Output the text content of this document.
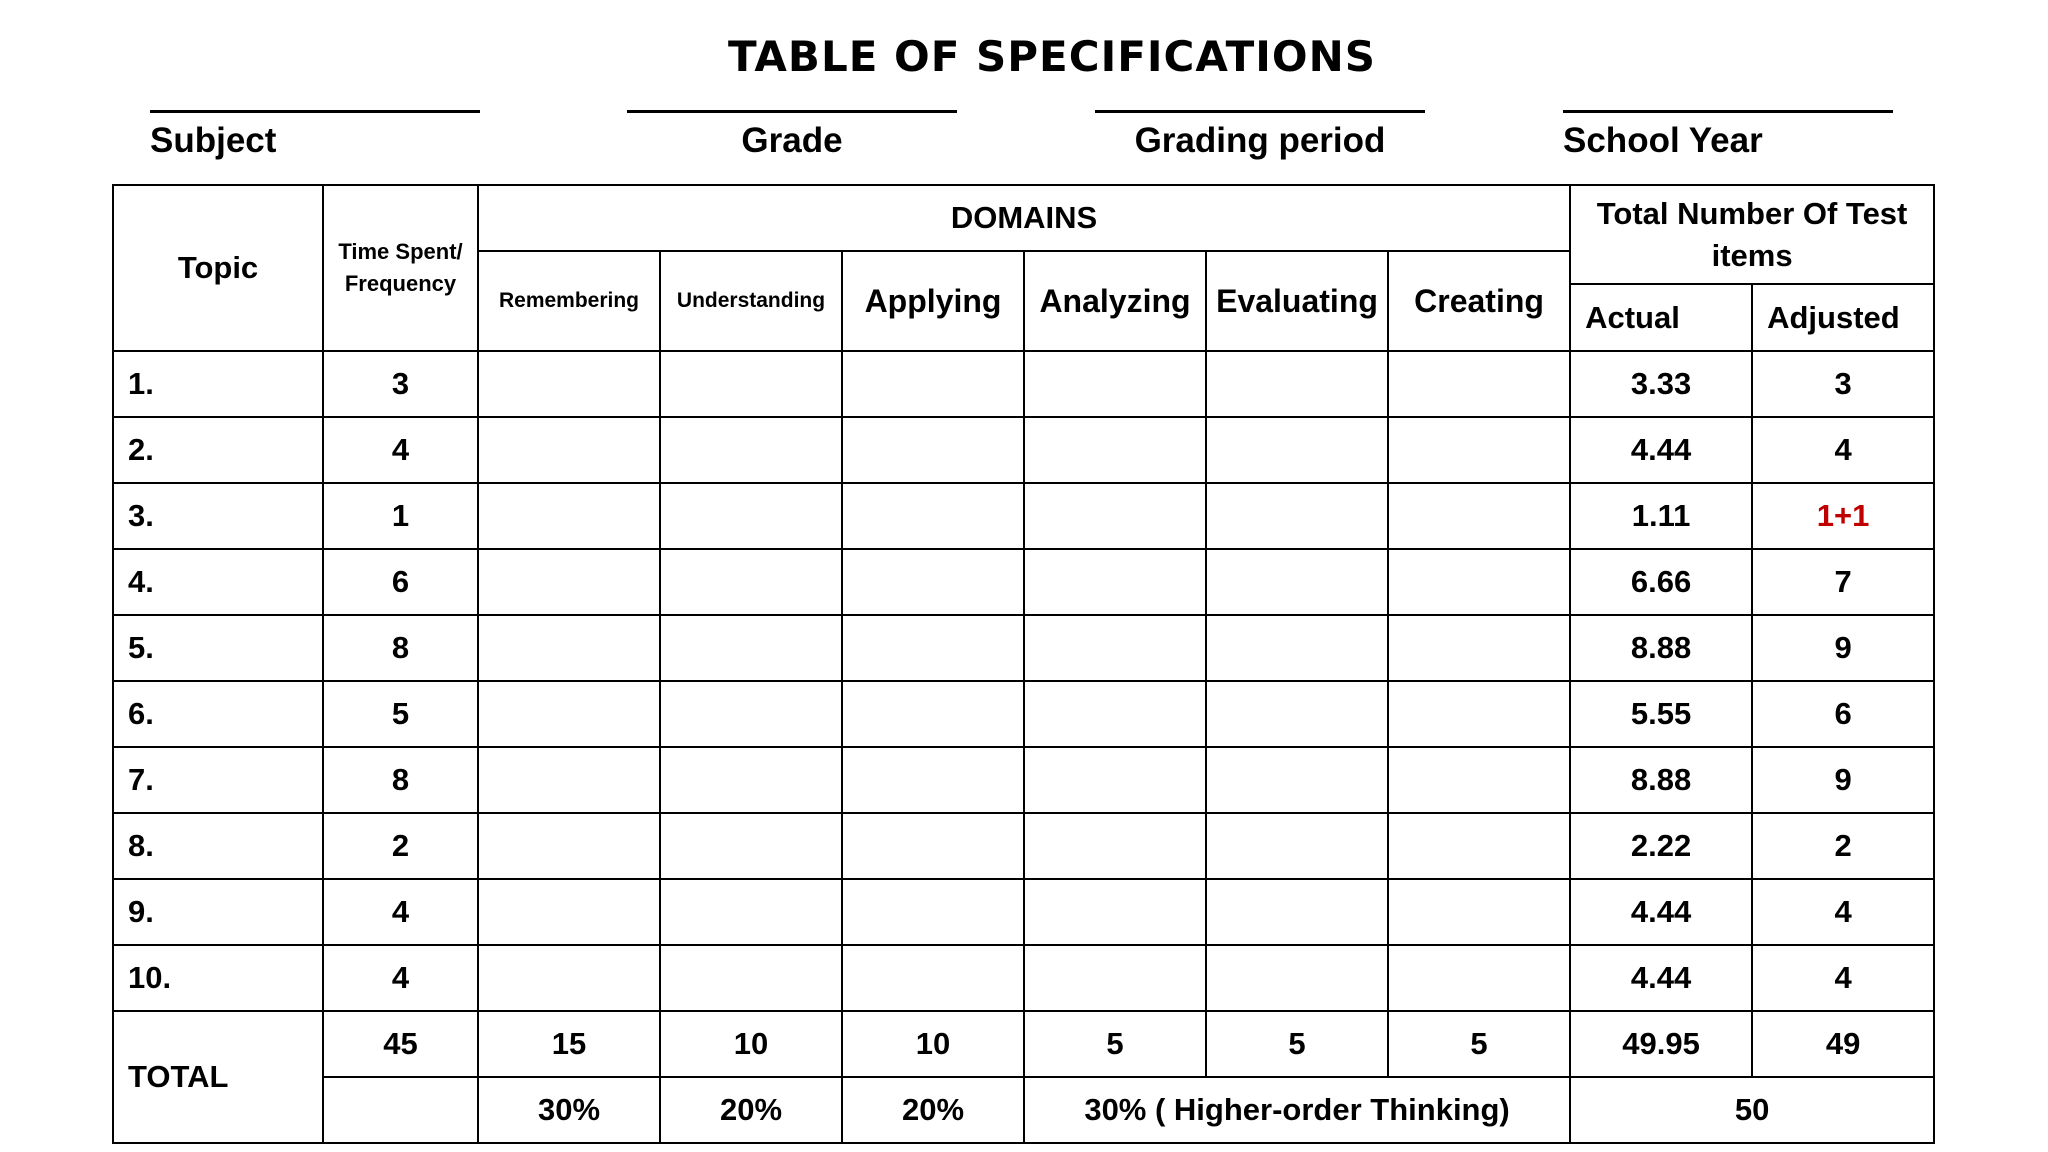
TABLE OF SPECIFICATIONS
Subject	Grade	Grading period	School Year
Topic	Time Spent/ Frequency	DOMAINS						Total Number Of Test items	
		Remembering	Understanding	Applying	Analyzing	Evaluating	Creating		
								Actual	Adjusted
1.	3							3.33	3
2.	4							4.44	4
3.	1							1.11	1+1
4.	6							6.66	7
5.	8							8.88	9
6.	5							5.55	6
7.	8							8.88	9
8.	2							2.22	2
9.	4							4.44	4
10.	4							4.44	4
TOTAL	45	15	10	10	5	5	5	49.95	49
		30%	20%	20%	30% ( Higher-order Thinking)			50	
